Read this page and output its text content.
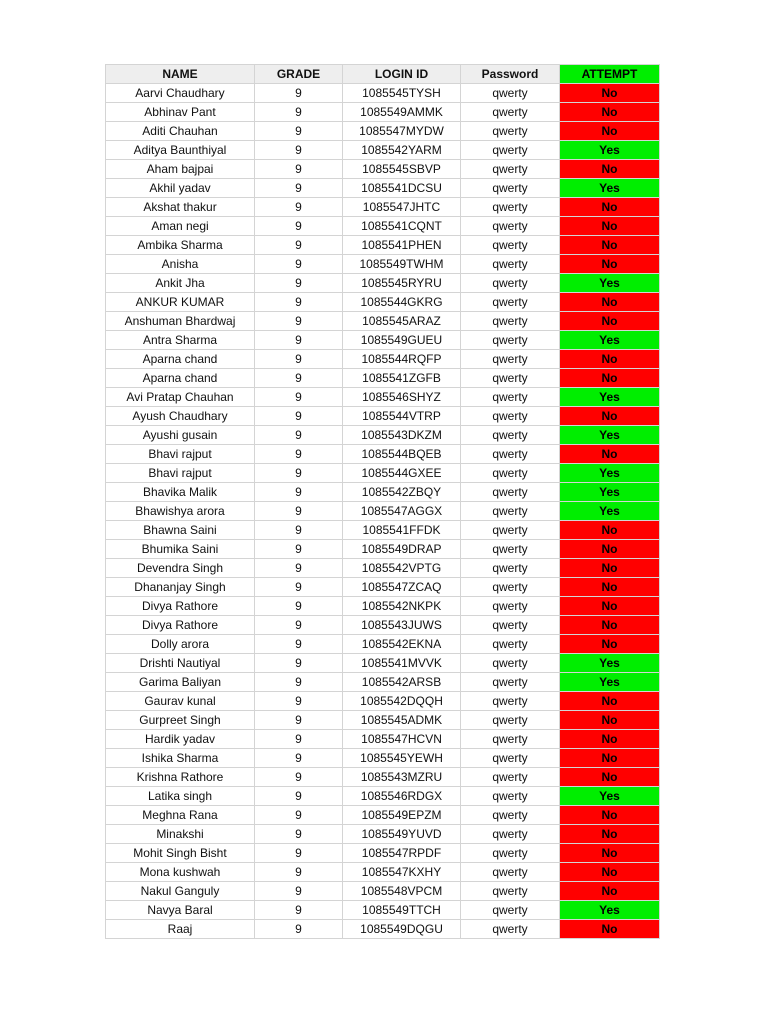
NAME	GRADE	LOGIN ID	Password	ATTEMPT
Aarvi Chaudhary	9	1085545TYSH	qwerty	No
Abhinav Pant	9	1085549AMMK	qwerty	No
Aditi Chauhan	9	1085547MYDW	qwerty	No
Aditya Bаunthiyal	9	1085542YARM	qwerty	Yes
Aham bajpai	9	1085545SBVP	qwerty	No
Akhil yadav	9	1085541DCSU	qwerty	Yes
Akshat thakur	9	1085547JHTC	qwerty	No
Aman negi	9	1085541CQNT	qwerty	No
Ambika Sharma	9	1085541PHEN	qwerty	No
Anisha	9	1085549TWHM	qwerty	No
Ankit Jha	9	1085545RYRU	qwerty	Yes
ANKUR KUMAR	9	1085544GKRG	qwerty	No
Anshuman Bhardwaj	9	1085545ARAZ	qwerty	No
Antra Sharma	9	1085549GUEU	qwerty	Yes
Aparna chand	9	1085544RQFP	qwerty	No
Aparna chand	9	1085541ZGFB	qwerty	No
Avi Pratap Chauhan	9	1085546SHYZ	qwerty	Yes
Ayush Chaudhary	9	1085544VTRP	qwerty	No
Ayushi gusain	9	1085543DKZM	qwerty	Yes
Bhavi rajput	9	1085544BQEB	qwerty	No
Bhavi rajput	9	1085544GXEE	qwerty	Yes
Bhavika Malik	9	1085542ZBQY	qwerty	Yes
Bhawishya arora	9	1085547AGGX	qwerty	Yes
Bhawna Saini	9	1085541FFDK	qwerty	No
Bhumika Saini	9	1085549DRAP	qwerty	No
Devendra Singh	9	1085542VPTG	qwerty	No
Dhananjay Singh	9	1085547ZCAQ	qwerty	No
Divya Rathore	9	1085542NKPK	qwerty	No
Divya Rathore	9	1085543JUWS	qwerty	No
Dolly arora	9	1085542EKNA	qwerty	No
Drishti Nautiyal	9	1085541MVVK	qwerty	Yes
Garima Baliyan	9	1085542ARSB	qwerty	Yes
Gaurav kunal	9	1085542DQQH	qwerty	No
Gurpreet Singh	9	1085545ADMK	qwerty	No
Hardik yadav	9	1085547HCVN	qwerty	No
Ishika Sharma	9	1085545YEWH	qwerty	No
Krishna Rathore	9	1085543MZRU	qwerty	No
Latika singh	9	1085546RDGX	qwerty	Yes
Meghna Rana	9	1085549EPZM	qwerty	No
Minakshi	9	1085549YUVD	qwerty	No
Mohit Singh Bisht	9	1085547RPDF	qwerty	No
Mona kushwah	9	1085547KXHY	qwerty	No
Nakul Ganguly	9	1085548VPCM	qwerty	No
Navya Baral	9	1085549TTCH	qwerty	Yes
Raaj	9	1085549DQGU	qwerty	No
